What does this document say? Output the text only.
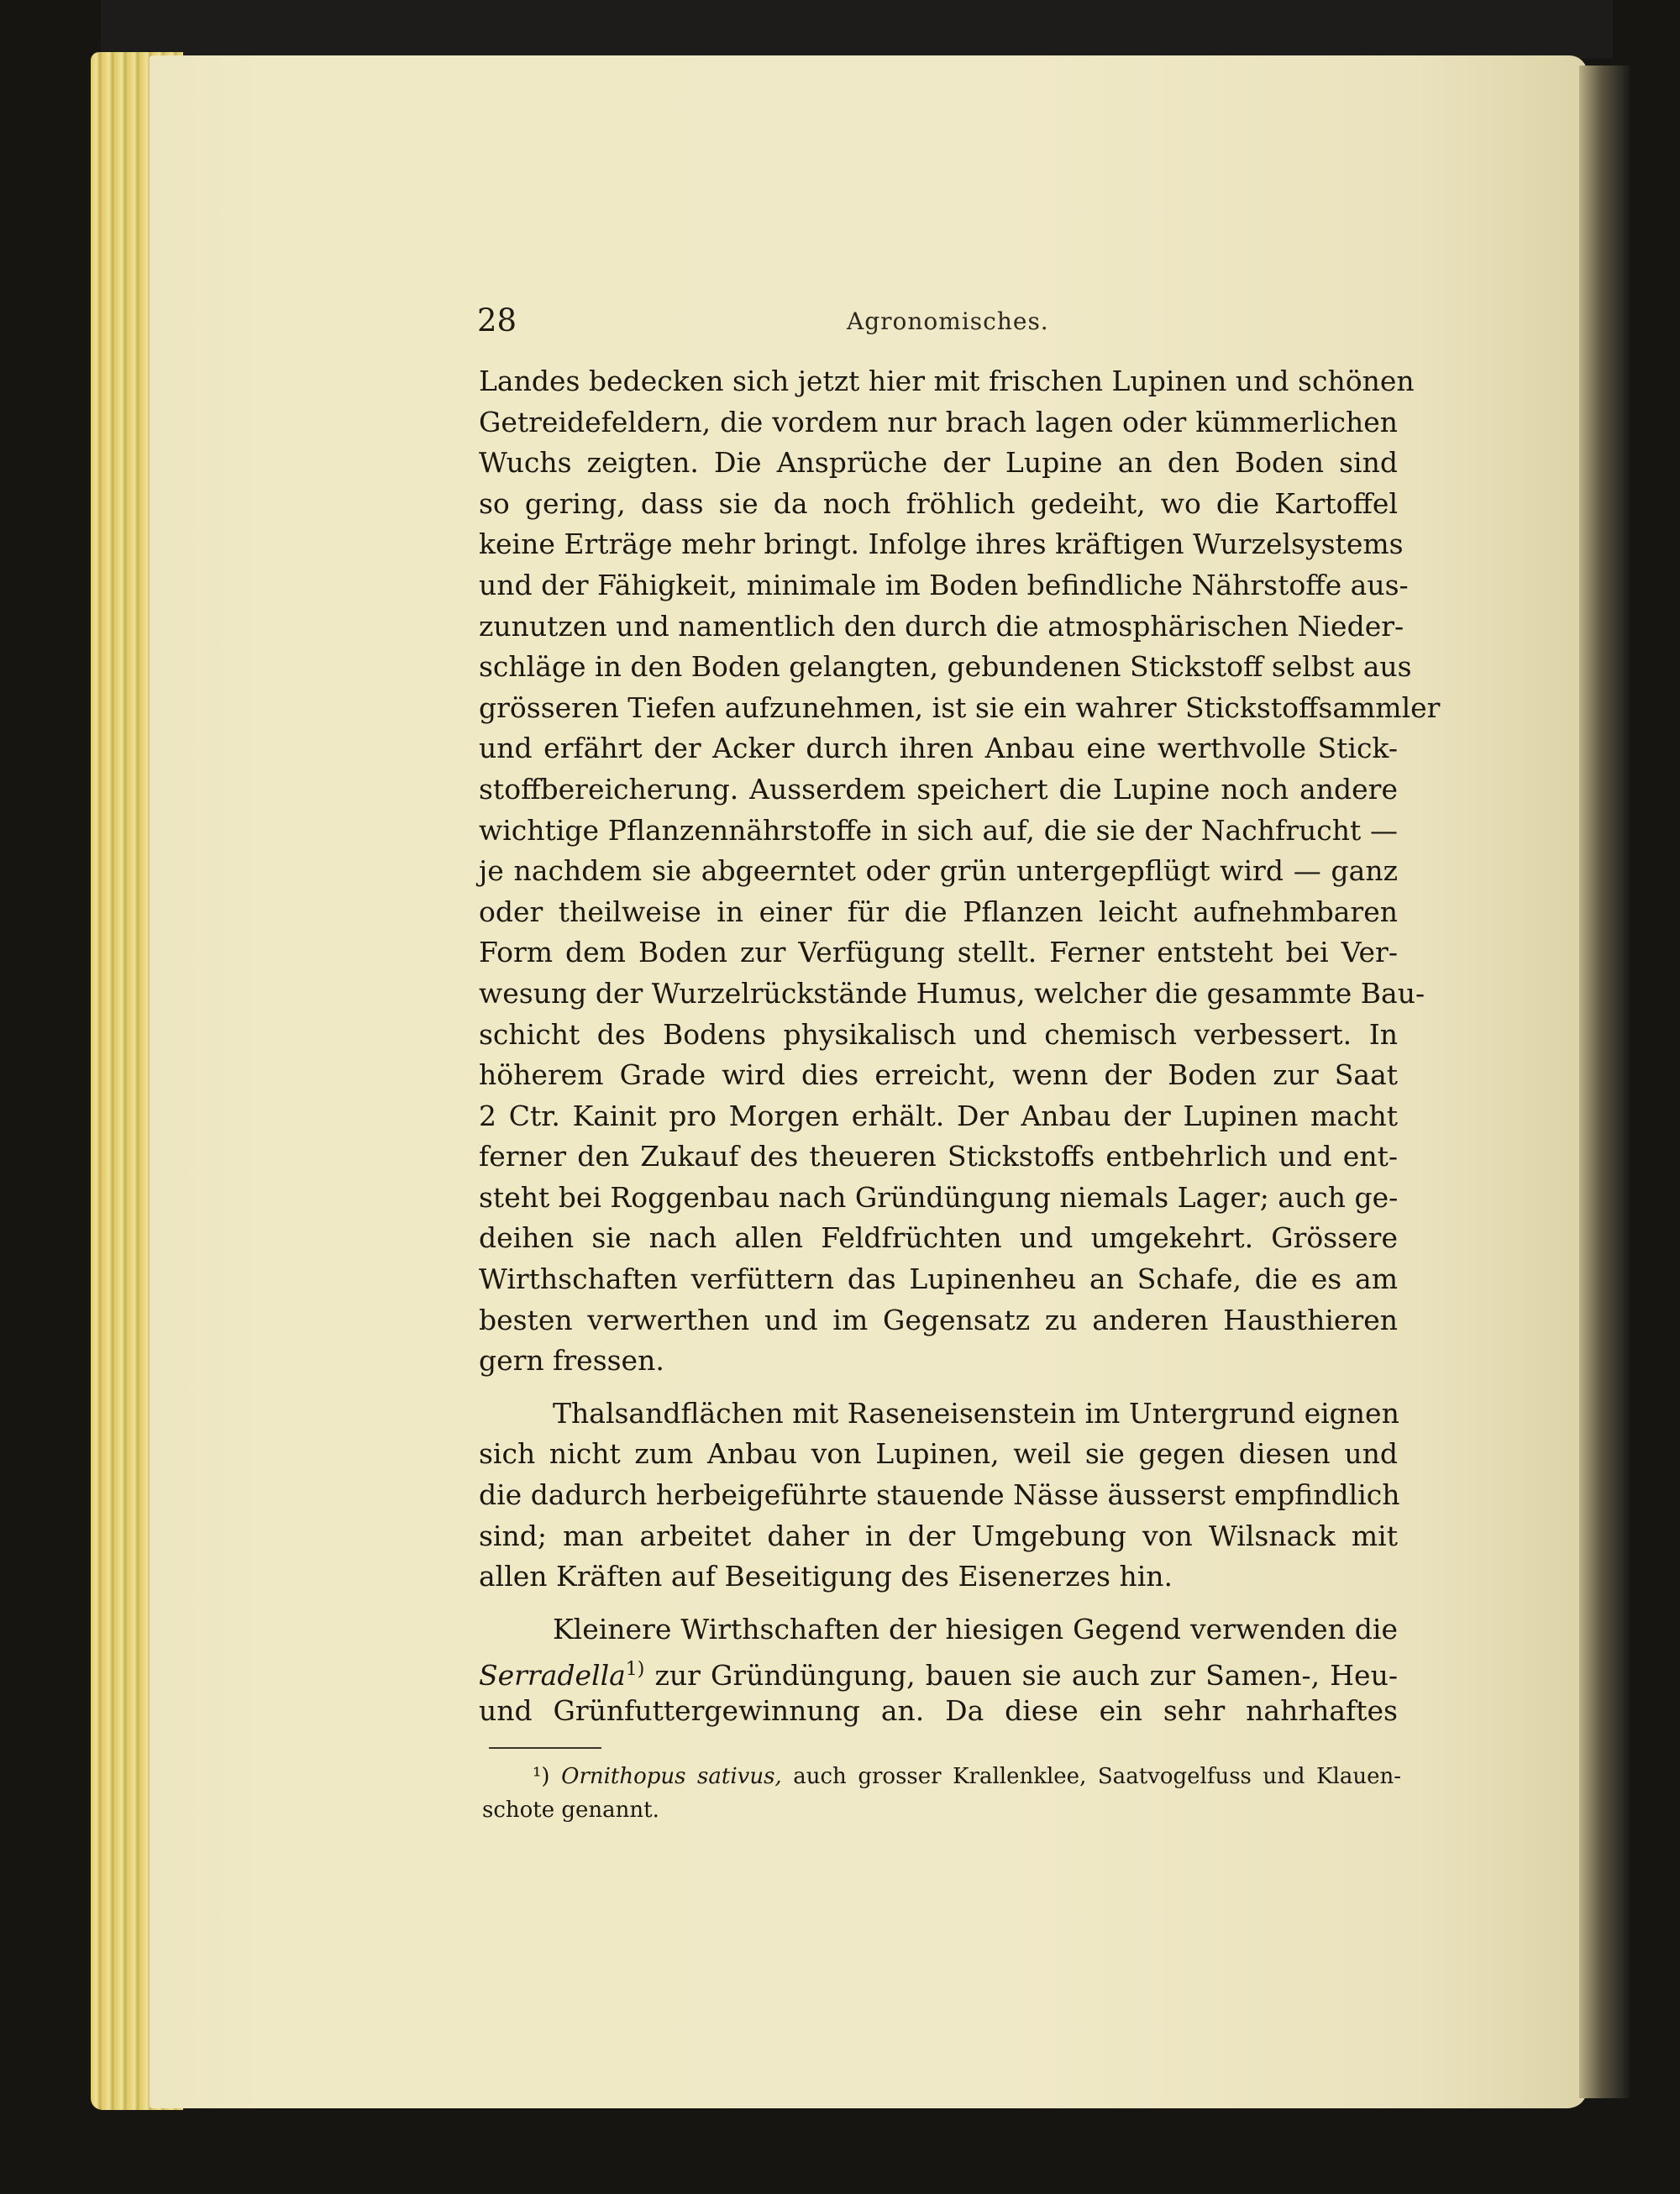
28	Agronomisches.
Landes bedecken sich jetzt hier mit frischen Lupinen und schönen
Getreidefeldern, die vordem nur brach lagen oder kümmerlichen
Wuchs zeigten. Die Ansprüche der Lupine an den Boden sind
so gering, dass sie da noch fröhlich gedeiht, wo die Kartoffel
keine Erträge mehr bringt. Infolge ihres kräftigen Wurzelsystems
und der Fähigkeit, minimale im Boden befindliche Nährstoffe aus-
zunutzen und namentlich den durch die atmosphärischen Nieder-
schläge in den Boden gelangten, gebundenen Stickstoff selbst aus
grösseren Tiefen aufzunehmen, ist sie ein wahrer Stickstoffsammler
und erfährt der Acker durch ihren Anbau eine werthvolle Stick-
stoffbereicherung. Ausserdem speichert die Lupine noch andere
wichtige Pflanzennährstoffe in sich auf, die sie der Nachfrucht —
je nachdem sie abgeerntet oder grün untergepflügt wird — ganz
oder theilweise in einer für die Pflanzen leicht aufnehmbaren
Form dem Boden zur Verfügung stellt. Ferner entsteht bei Ver-
wesung der Wurzelrückstände Humus, welcher die gesammte Bau-
schicht des Bodens physikalisch und chemisch verbessert. In
höherem Grade wird dies erreicht, wenn der Boden zur Saat
2 Ctr. Kainit pro Morgen erhält. Der Anbau der Lupinen macht
ferner den Zukauf des theueren Stickstoffs entbehrlich und ent-
steht bei Roggenbau nach Gründüngung niemals Lager; auch ge-
deihen sie nach allen Feldfrüchten und umgekehrt. Grössere
Wirthschaften verfüttern das Lupinenheu an Schafe, die es am
besten verwerthen und im Gegensatz zu anderen Hausthieren
gern fressen.
Thalsandflächen mit Raseneisenstein im Untergrund eignen
sich nicht zum Anbau von Lupinen, weil sie gegen diesen und
die dadurch herbeigeführte stauende Nässe äusserst empfindlich
sind; man arbeitet daher in der Umgebung von Wilsnack mit
allen Kräften auf Beseitigung des Eisenerzes hin.
Kleinere Wirthschaften der hiesigen Gegend verwenden die
Serradella$^{1)}$ zur Gründüngung, bauen sie auch zur Samen-, Heu-
und Grünfuttergewinnung an. Da diese ein sehr nahrhaftes
¹) Ornithopus sativus, auch grosser Krallenklee, Saatvogelfuss und Klauen-
schote genannt.
